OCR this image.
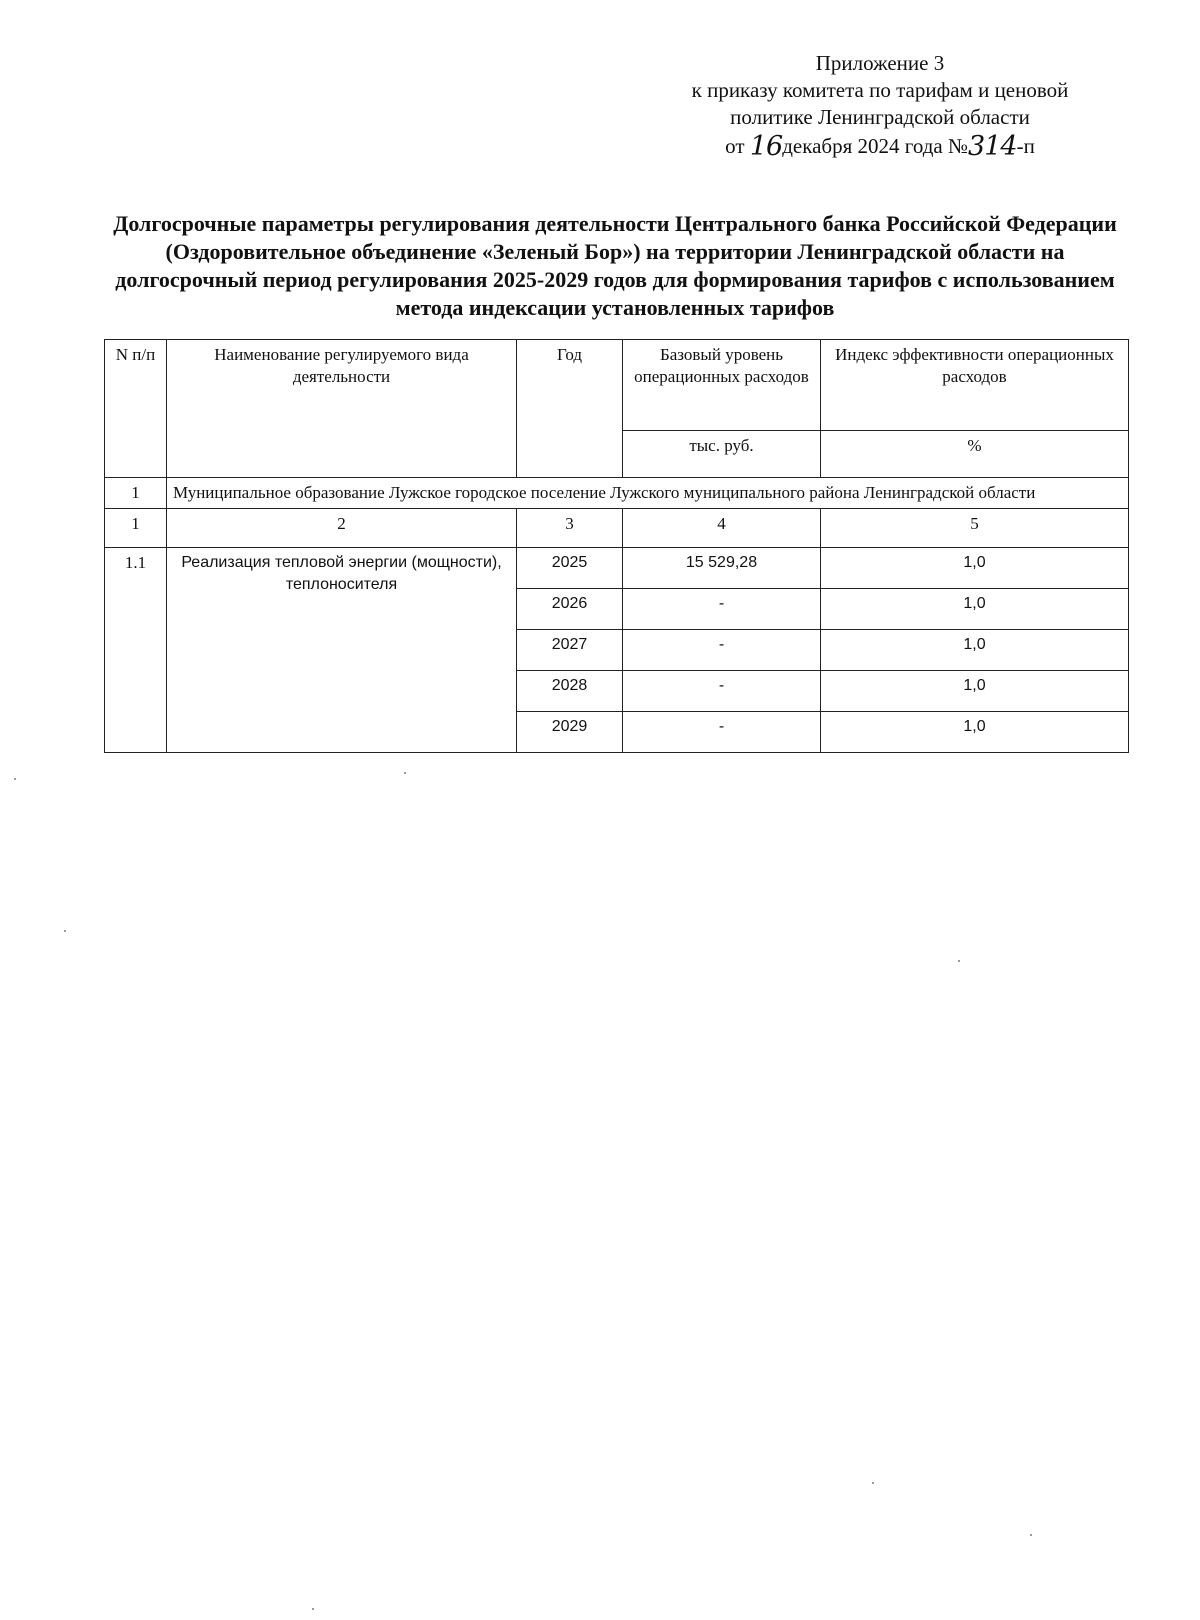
Приложение 3
к приказу комитета по тарифам и ценовой
политике Ленинградской области
от 16декабря 2024 года №314-п
Долгосрочные параметры регулирования деятельности Центрального банка Российской Федерации (Оздоровительное объединение «Зеленый Бор») на территории Ленинградской области на долгосрочный период регулирования 2025-2029 годов для формирования тарифов с использованием метода индексации установленных тарифов
N п/п	Наименование регулируемого вида деятельности	Год	Базовый уровень операционных расходов	Индекс эффективности операционных расходов
			тыс. руб.	%
1	Муниципальное образование Лужское городское поселение Лужского муниципального района Ленинградской области			
1	2	3	4	5
1.1	Реализация тепловой энергии (мощности), теплоносителя	2025	15 529,28	1,0
		2026	-	1,0
		2027	-	1,0
		2028	-	1,0
		2029	-	1,0
